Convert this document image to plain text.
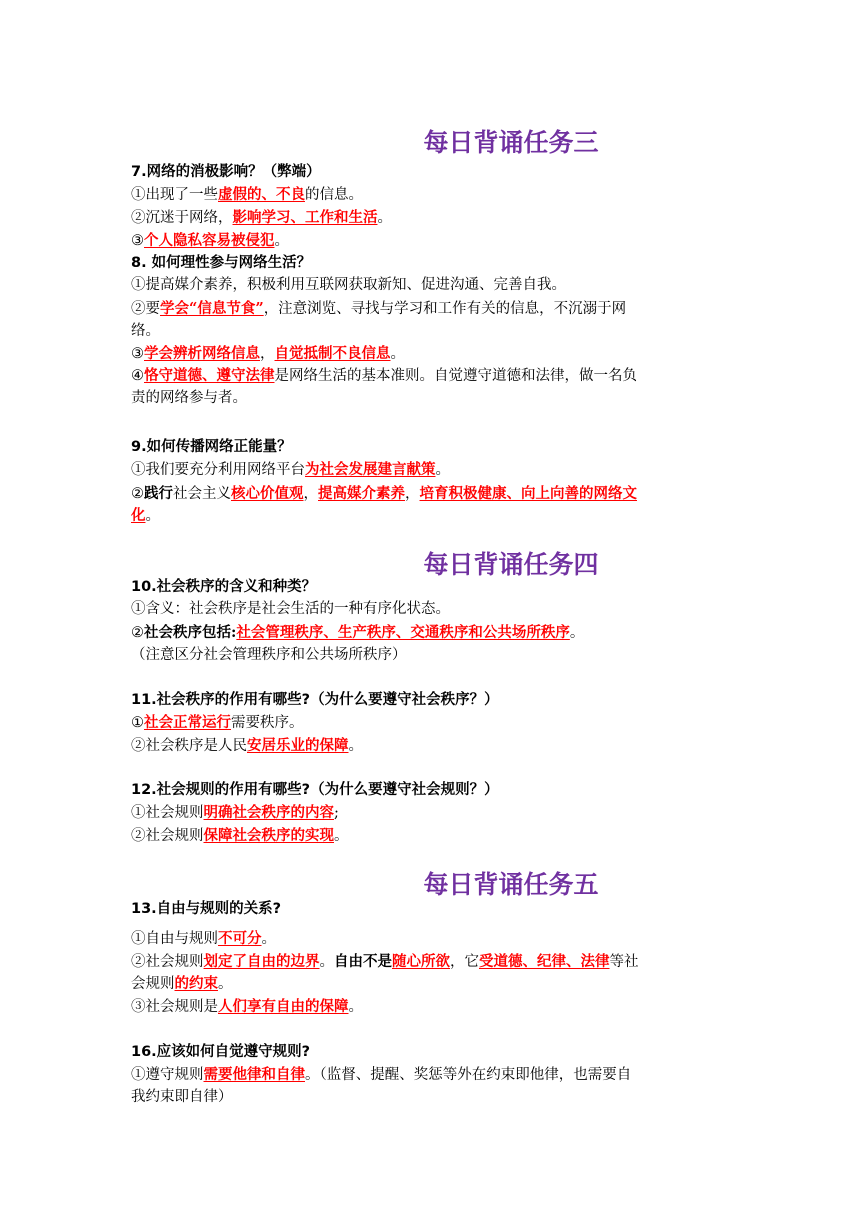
每日背诵任务三
7.网络的消极影响？（弊端）
①出现了一些虚假的、不良的信息。
②沉迷于网络，影响学习、工作和生活。
③个人隐私容易被侵犯。
8. 如何理性参与网络生活？
①提高媒介素养，积极利用互联网获取新知、促进沟通、完善自我。
②要学会“信息节食”，注意浏览、寻找与学习和工作有关的信息，不沉溺于网
络。
③学会辨析网络信息，自觉抵制不良信息。
④恪守道德、遵守法律是网络生活的基本准则。自觉遵守道德和法律，做一名负
责的网络参与者。
9.如何传播网络正能量？
①我们要充分利用网络平台为社会发展建言献策。
②践行社会主义核心价值观，提高媒介素养，培育积极健康、向上向善的网络文
化。
每日背诵任务四
10.社会秩序的含义和种类？
①含义：社会秩序是社会生活的一种有序化状态。
②社会秩序包括:社会管理秩序、生产秩序、交通秩序和公共场所秩序。
（注意区分社会管理秩序和公共场所秩序）
11.社会秩序的作用有哪些?（为什么要遵守社会秩序？）
①社会正常运行需要秩序。
②社会秩序是人民安居乐业的保障。
12.社会规则的作用有哪些?（为什么要遵守社会规则？）
①社会规则明确社会秩序的内容;
②社会规则保障社会秩序的实现。
每日背诵任务五
13.自由与规则的关系?
①自由与规则不可分。
②社会规则划定了自由的边界。自由不是随心所欲，它受道德、纪律、法律等社
会规则的约束。
③社会规则是人们享有自由的保障。
16.应该如何自觉遵守规则?
①遵守规则需要他律和自律。（监督、提醒、奖惩等外在约束即他律，也需要自
我约束即自律）
